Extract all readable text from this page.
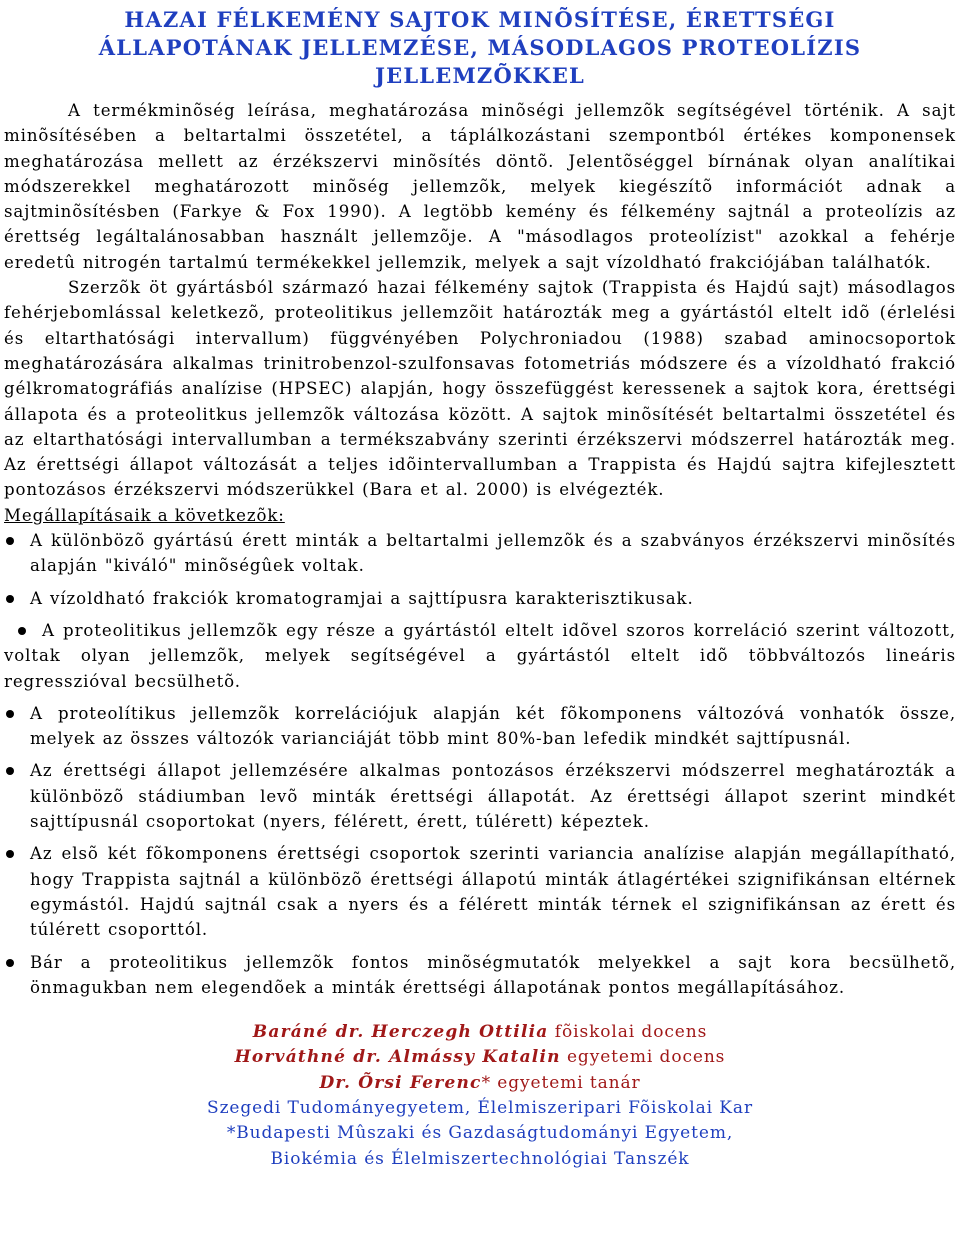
HAZAI FÉLKEMÉNY SAJTOK MINÕSÍTÉSE, ÉRETTSÉGI
ÁLLAPOTÁNAK JELLEMZÉSE, MÁSODLAGOS PROTEOLÍZIS
JELLEMZÕKKEL

A termékminõség leírása, meghatározása minõségi jellemzõk segítségével történik. A sajt minõsítésében a beltartalmi összetétel, a táplálkozástani szempontból értékes komponensek meghatározása mellett az érzékszervi minõsítés döntõ. Jelentõséggel bírnának olyan analítikai módszerekkel meghatározott minõség jellemzõk, melyek kiegészítõ információt adnak a sajtminõsítésben (Farkye & Fox 1990). A legtöbb kemény és félkemény sajtnál a proteolízis az érettség legáltalánosabban használt jellemzõje. A "másodlagos proteolízist" azokkal a fehérje eredetû nitrogén tartalmú termékekkel jellemzik, melyek a sajt vízoldható frakciójában találhatók.

Szerzõk öt gyártásból származó hazai félkemény sajtok (Trappista és Hajdú sajt) másodlagos fehérjebomlással keletkezõ, proteolitikus jellemzõit határozták meg a gyártástól eltelt idõ (érlelési és eltarthatósági intervallum) függvényében Polychroniadou (1988) szabad aminocsoportok meghatározására alkalmas trinitrobenzol-szulfonsavas fotometriás módszere és a vízoldható frakció gélkromatográfiás analízise (HPSEC) alapján, hogy összefüggést keressenek a sajtok kora, érettségi állapota és a proteolitkus jellemzõk változása között. A sajtok minõsítését beltartalmi összetétel és az eltarthatósági intervallumban a termékszabvány szerinti érzékszervi módszerrel határozták meg. Az érettségi állapot változását a teljes idõintervallumban a Trappista és Hajdú sajtra kifejlesztett pontozásos érzékszervi módszerükkel (Bara et al. 2000) is elvégezték.

Megállapításaik a következõk:
A különbözõ gyártású érett minták a beltartalmi jellemzõk és a szabványos érzékszervi minõsítés alapján "kiváló" minõségûek voltak.
A vízoldható frakciók kromatogramjai a sajttípusra karakterisztikusak.
A proteolitikus jellemzõk egy része a gyártástól eltelt idõvel szoros korreláció szerint változott, voltak olyan jellemzõk, melyek segítségével a gyártástól eltelt idõ többváltozós lineáris regresszióval becsülhetõ.
A proteolítikus jellemzõk korrelációjuk alapján két fõkomponens változóvá vonhatók össze, melyek az összes változók varianciáját több mint 80%-ban lefedik mindkét sajttípusnál.
Az érettségi állapot jellemzésére alkalmas pontozásos érzékszervi módszerrel meghatározták a különbözõ stádiumban levõ minták érettségi állapotát. Az érettségi állapot szerint mindkét sajttípusnál csoportokat (nyers, félérett, érett, túlérett) képeztek.
Az elsõ két fõkomponens érettségi csoportok szerinti variancia analízise alapján megállapítható, hogy Trappista sajtnál a különbözõ érettségi állapotú minták átlagértékei szignifikánsan eltérnek egymástól. Hajdú sajtnál csak a nyers és a félérett minták térnek el szignifikánsan az érett és túlérett csoporttól.
Bár a proteolitikus jellemzõk fontos minõségmutatók melyekkel a sajt kora becsülhetõ, önmagukban nem elegendõek a minták érettségi állapotának pontos megállapításához.
Baráné dr. Herczegh Ottilia fõiskolai docens
Horváthné dr. Almássy Katalin egyetemi docens
Dr. Õrsi Ferenc* egyetemi tanár
Szegedi Tudományegyetem, Élelmiszeripari Fõiskolai Kar
*Budapesti Mûszaki és Gazdaságtudományi Egyetem,
Biokémia és Élelmiszertechnológiai Tanszék
